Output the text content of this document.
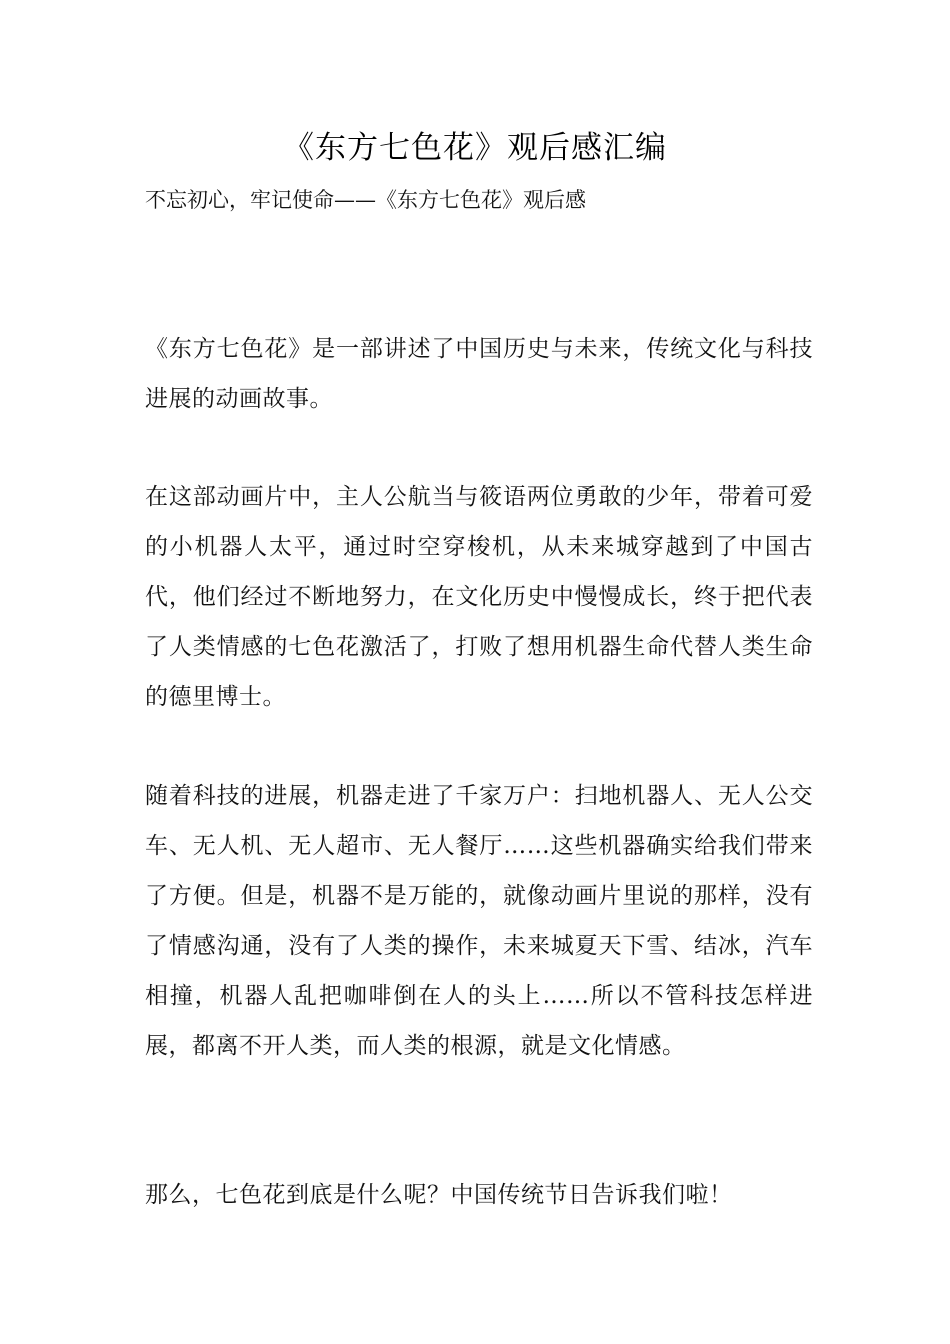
《东方七色花》观后感汇编

不忘初心，牢记使命——《东方七色花》观后感

《东方七色花》是一部讲述了中国历史与未来，传统文化与科技进展的动画故事。

在这部动画片中，主人公航当与筱语两位勇敢的少年，带着可爱的小机器人太平，通过时空穿梭机，从未来城穿越到了中国古代，他们经过不断地努力，在文化历史中慢慢成长，终于把代表了人类情感的七色花激活了，打败了想用机器生命代替人类生命的德里博士。

随着科技的进展，机器走进了千家万户：扫地机器人、无人公交车、无人机、无人超市、无人餐厅……这些机器确实给我们带来了方便。但是，机器不是万能的，就像动画片里说的那样，没有了情感沟通，没有了人类的操作，未来城夏天下雪、结冰，汽车相撞，机器人乱把咖啡倒在人的头上……所以不管科技怎样进展，都离不开人类，而人类的根源，就是文化情感。

那么，七色花到底是什么呢？中国传统节日告诉我们啦！
